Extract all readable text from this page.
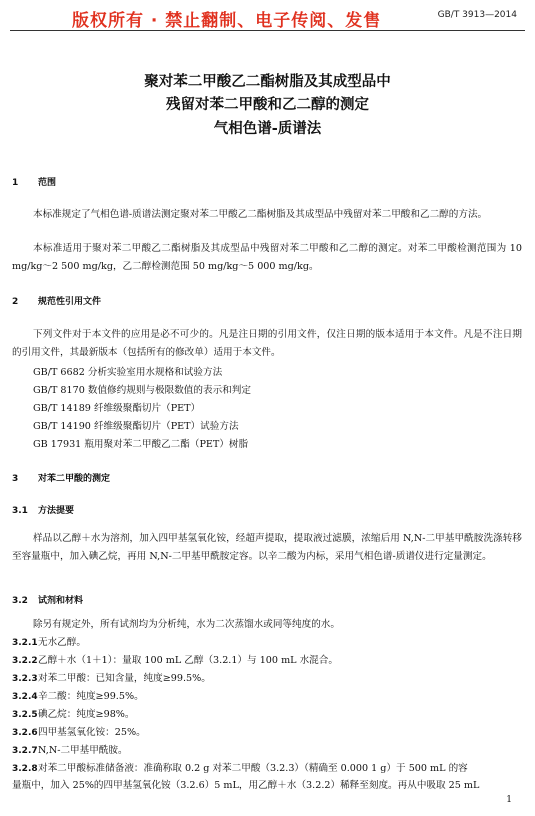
版权所有 · 禁止翻制、电子传阅、发售	GB/T 3913—2014
聚对苯二甲酸乙二酯树脂及其成型品中
残留对苯二甲酸和乙二醇的测定
气相色谱-质谱法
1 范围
本标准规定了气相色谱-质谱法测定聚对苯二甲酸乙二酯树脂及其成型品中残留对苯二甲酸和乙二醇的方法。
本标准适用于聚对苯二甲酸乙二酯树脂及其成型品中残留对苯二甲酸和乙二醇的测定。对苯二甲酸检测范围为 10 mg/kg～2 500 mg/kg，乙二醇检测范围 50 mg/kg～5 000 mg/kg。
2 规范性引用文件
下列文件对于本文件的应用是必不可少的。凡是注日期的引用文件，仅注日期的版本适用于本文件。凡是不注日期的引用文件，其最新版本（包括所有的修改单）适用于本文件。
GB/T 6682 分析实验室用水规格和试验方法
GB/T 8170 数值修约规则与极限数值的表示和判定
GB/T 14189 纤维级聚酯切片（PET）
GB/T 14190 纤维级聚酯切片（PET）试验方法
GB 17931 瓶用聚对苯二甲酸乙二酯（PET）树脂
3 对苯二甲酸的测定
3.1 方法提要
样品以乙醇＋水为溶剂，加入四甲基氢氧化铵，经超声提取，提取液过滤膜，浓缩后用 N,N-二甲基甲酰胺洗涤转移至容量瓶中，加入碘乙烷，再用 N,N-二甲基甲酰胺定容。以辛二酸为内标，采用气相色谱-质谱仪进行定量测定。
3.2 试剂和材料
除另有规定外，所有试剂均为分析纯，水为二次蒸馏水或同等纯度的水。
3.2.1无水乙醇。
3.2.2乙醇＋水（1＋1）：量取 100 mL 乙醇（3.2.1）与 100 mL 水混合。
3.2.3对苯二甲酸：已知含量，纯度≥99.5%。
3.2.4辛二酸：纯度≥99.5%。
3.2.5碘乙烷：纯度≥98%。
3.2.6四甲基氢氧化铵：25%。
3.2.7N,N-二甲基甲酰胺。
3.2.8对苯二甲酸标准储备液：准确称取 0.2 g 对苯二甲酸（3.2.3）（精确至 0.000 1 g）于 500 mL 的容
量瓶中，加入 25%的四甲基氢氧化铵（3.2.6）5 mL，用乙醇＋水（3.2.2）稀释至刻度。再从中吸取 25 mL
1
